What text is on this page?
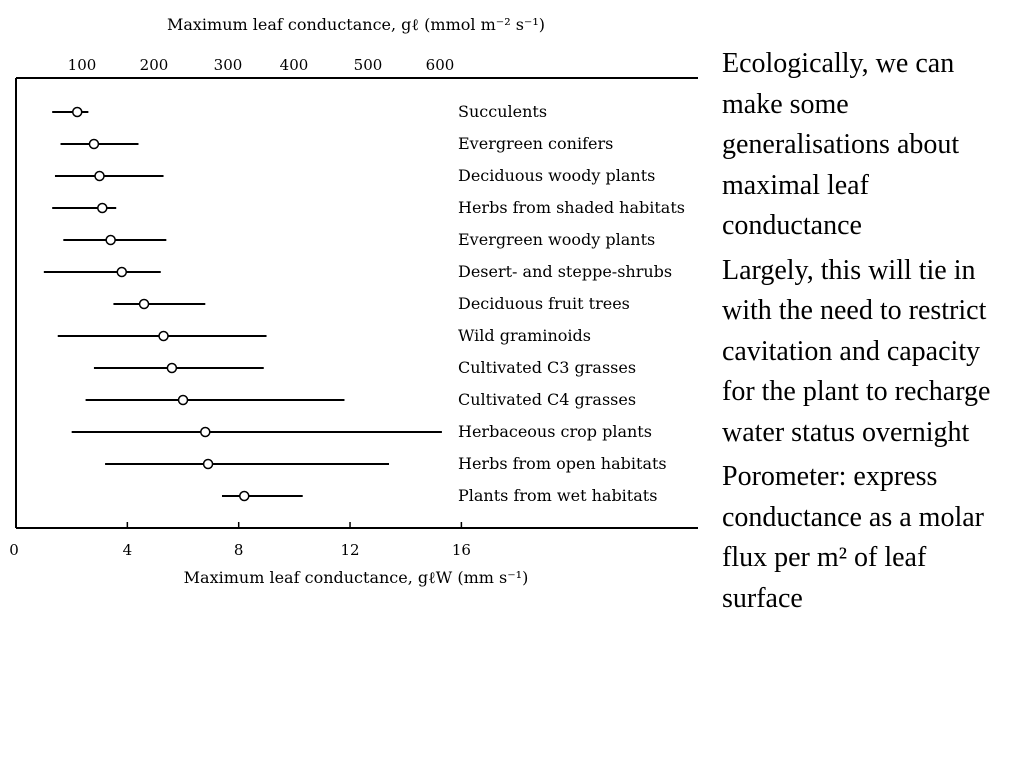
0	4	8	12	16
Maximum leaf conductance, gℓW (mm s⁻¹)
100	200	300 400	500	600
Maximum leaf conductance, gℓ (mmol m⁻² s⁻¹)
Succulents
Evergreen conifers
Deciduous woody plants
Herbs from shaded habitats
Evergreen woody plants
Desert- and steppe-shrubs
Deciduous fruit trees
Wild graminoids
Cultivated C3 grasses
Cultivated C4 grasses
Herbaceous crop plants
Herbs from open habitats
Plants from wet habitats
Ecologically, we can make some generalisations about maximal leaf conductance
Largely, this will tie in with the need to restrict cavitation and capacity for the plant to recharge water status overnight
Porometer: express conductance as a molar flux per m² of leaf surface
